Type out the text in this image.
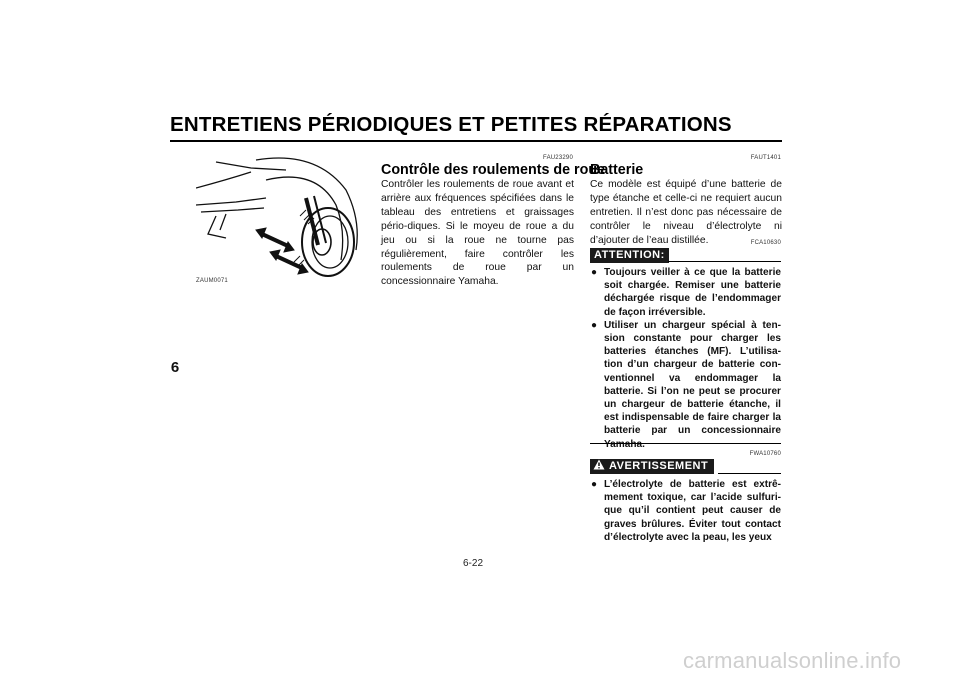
ENTRETIENS PÉRIODIQUES ET PETITES RÉPARATIONS
6
ZAUM0071
FAU23290
Contrôle des roulements de roue
Contrôler les roulements de roue avant et arrière aux fréquences spécifiées dans le tableau des entretiens et graissages pério-diques. Si le moyeu de roue a du jeu ou si la roue ne tourne pas régulièrement, faire contrôler les roulements de roue par un concessionnaire Yamaha.
FAUT1401
Batterie
Ce modèle est équipé d’une batterie de type étanche et celle-ci ne requiert aucun entretien. Il n’est donc pas nécessaire de contrôler le niveau d’électrolyte ni d’ajouter de l’eau distillée.	FCA10630
ATTENTION:
● Toujours veiller à ce que la batterie soit chargée. Remiser une batterie déchargée risque de l’endommager de façon irréversible.
● Utiliser un chargeur spécial à ten-sion constante pour charger les batteries étanches (MF). L’utilisa-tion d’un chargeur de batterie con-ventionnel va endommager la batterie. Si l’on ne peut se procurer un chargeur de batterie étanche, il est indispensable de faire charger la batterie par un concessionnaire Yamaha.
FWA10760
AVERTISSEMENT
● L’électrolyte de batterie est extrê-mement toxique, car l’acide sulfuri-que qu’il contient peut causer de graves brûlures. Éviter tout contact d’électrolyte avec la peau, les yeux
6-22
carmanualsonline.info
